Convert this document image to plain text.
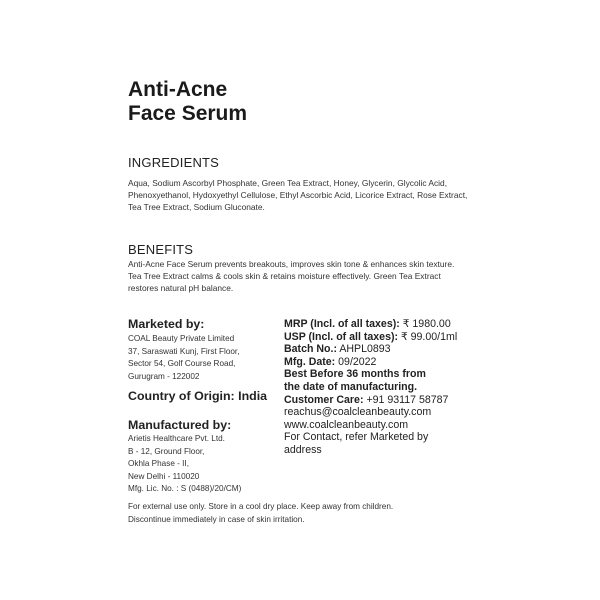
Anti-Acne
Face Serum
INGREDIENTS
Aqua, Sodium Ascorbyl Phosphate, Green Tea Extract, Honey, Glycerin, Glycolic Acid, Phenoxyethanol, Hydoxyethyl Cellulose, Ethyl Ascorbic Acid, Licorice Extract, Rose Extract, Tea Tree Extract, Sodium Gluconate.
BENEFITS
Anti-Acne Face Serum prevents breakouts, improves skin tone & enhances skin texture. Tea Tree Extract calms & cools skin & retains moisture effectively. Green Tea Extract restores natural pH balance.
Marketed by:
COAL Beauty Private Limited
37, Saraswati Kunj, First Floor,
Sector 54, Golf Course Road,
Gurugram - 122002
Country of Origin: India
Manufactured by:
Arietis Healthcare Pvt. Ltd.
B - 12, Ground Floor,
Okhla Phase - II,
New Delhi - 110020
Mfg. Lic. No. : S (0488)/20/CM)
MRP (Incl. of all taxes): ₹ 1980.00
USP (Incl. of all taxes): ₹ 99.00/1ml
Batch No.: AHPL0893
Mfg. Date: 09/2022
Best Before 36 months from
the date of manufacturing.
Customer Care: +91 93117 58787
reachus@coalcleanbeauty.com
www.coalcleanbeauty.com
For Contact, refer Marketed by
address
For external use only. Store in a cool dry place. Keep away from children.
Discontinue immediately in case of skin irritation.
